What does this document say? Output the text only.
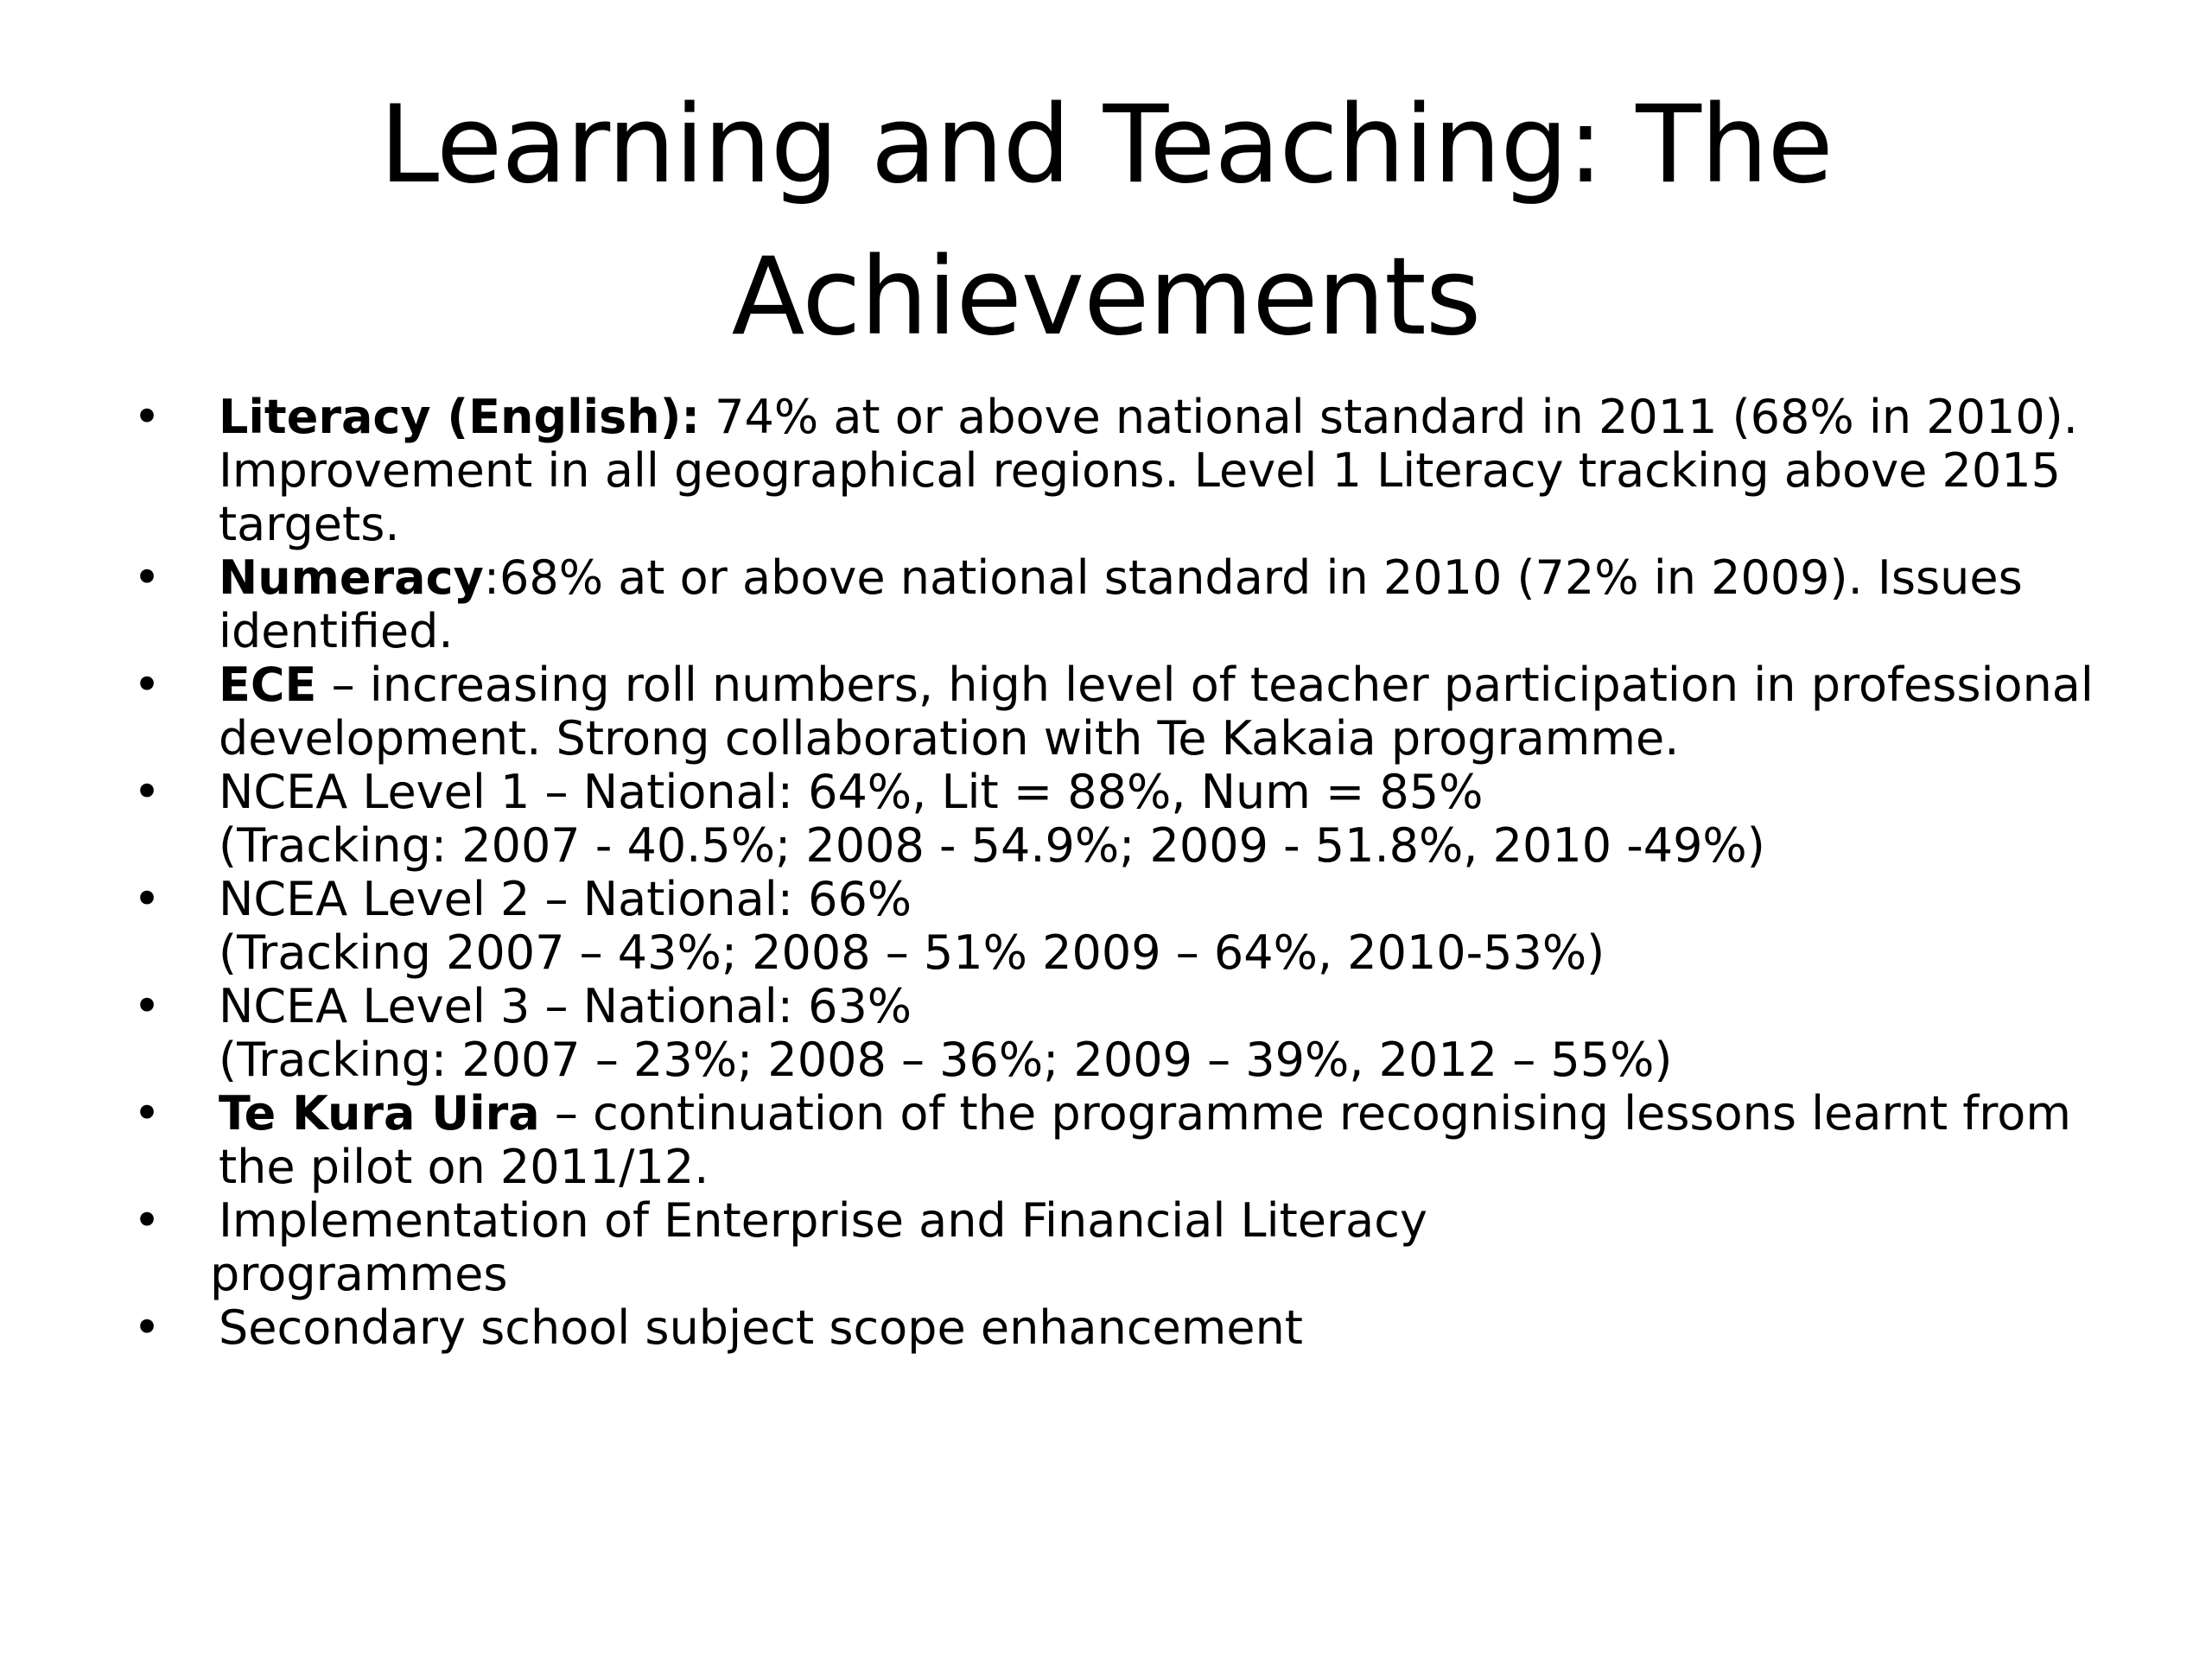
Learning and Teaching: The
Achievements
• Literacy (English): 74% at or above national standard in 2011 (68% in 2010). Improvement in all geographical regions. Level 1 Literacy tracking above 2015 targets.
• Numeracy:68% at or above national standard in 2010 (72% in 2009). Issues identified.
• ECE – increasing roll numbers, high level of teacher participation in professional development. Strong collaboration with Te Kakaia programme.
• NCEA Level 1 – National: 64%, Lit = 88%, Num = 85%
(Tracking: 2007 - 40.5%; 2008 - 54.9%; 2009 - 51.8%, 2010 -49%)
• NCEA Level 2 – National: 66%
(Tracking 2007 – 43%; 2008 – 51% 2009 – 64%, 2010-53%)
• NCEA Level 3 – National: 63%
(Tracking: 2007 – 23%; 2008 – 36%; 2009 – 39%, 2012 – 55%)
• Te Kura Uira – continuation of the programme recognising lessons learnt from the pilot on 2011/12.
• Implementation of Enterprise and Financial Literacy
programmes
• Secondary school subject scope enhancement
